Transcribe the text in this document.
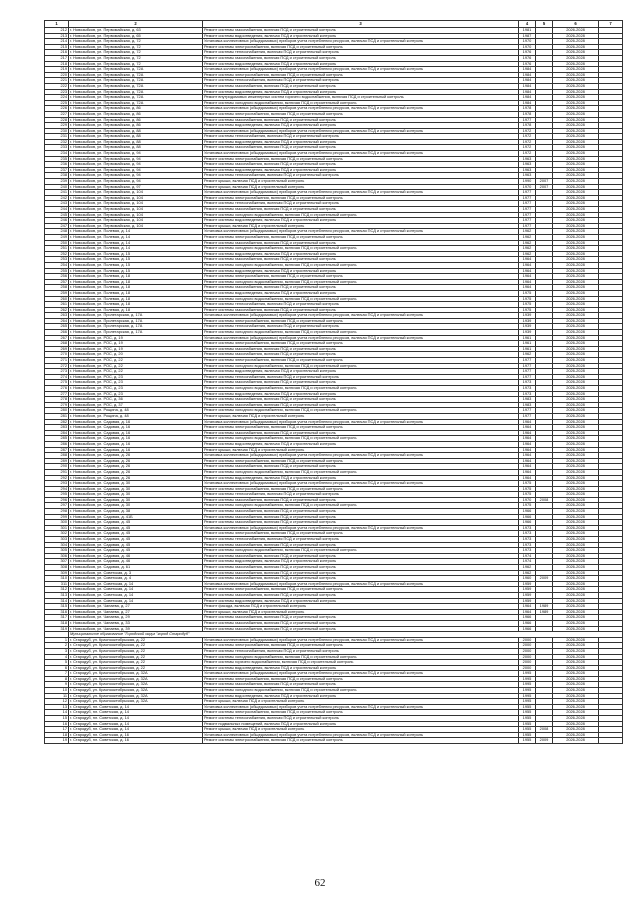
1	2	3	4	5	6	7
212	г. Новозыбков, ул. Первомайская, д. 63	Ремонт системы газоснабжения, включая ПСД и строительный контроль	1981		2026-2028	
213	г. Новозыбков, ул. Первомайская, д. 65	Ремонт системы водоотведения, включая ПСД и строительный контроль	1987		2026-2028	
214	г. Новозыбков, ул. Первомайская, д. 72	Установка коллективных (общедомовых) приборов учета потребления ресурсов, включая ПСД и строительный контроль	1970		2026-2028	
215	г. Новозыбков, ул. Первомайская, д. 72	Ремонт системы электроснабжения, включая ПСД и строительный контроль	1970		2026-2028	
216	г. Новозыбков, ул. Первомайская, д. 72	Ремонт системы теплоснабжения, включая ПСД и строительный контроль	1976		2026-2028	
217	г. Новозыбков, ул. Первомайская, д. 72	Ремонт системы газоснабжения, включая ПСД и строительный контроль	1976		2026-2028	
218	г. Новозыбков, ул. Первомайская, д. 72	Ремонт системы водоотведения, включая ПСД и строительный контроль	1976		2026-2028	
219	г. Новозыбков, ул. Первомайская, д. 72А	Установка коллективных (общедомовых) приборов учета потребления ресурсов, включая ПСД и строительный контроль	1984		2026-2028	
220	г. Новозыбков, ул. Первомайская, д. 72А	Ремонт системы электроснабжения, включая ПСД и строительный контроль	1984		2026-2028	
221	г. Новозыбков, ул. Первомайская, д. 72А	Ремонт системы теплоснабжения, включая ПСД и строительный контроль	1984		2026-2028	
222	г. Новозыбков, ул. Первомайская, д. 72А	Ремонт системы газоснабжения, включая ПСД и строительный контроль	1984		2026-2028	
223	г. Новозыбков, ул. Первомайская, д. 72А	Ремонт системы водоотведения, включая ПСД и строительный контроль	1984		2026-2028	
224	г. Новозыбков, ул. Первомайская, д. 72А	Ремонт внутридомовых инженерных систем горячего водоснабжения, включая ПСД и строительный контроль	1984		2026-2028	
225	г. Новозыбков, ул. Первомайская, д. 72А	Ремонт системы холодного водоснабжения, включая ПСД и строительный контроль	1984		2026-2028	
226	г. Новозыбков, ул. Первомайская, д. 86	Установка коллективных (общедомовых) приборов учета потребления ресурсов, включая ПСД и строительный контроль	1978		2026-2028	
227	г. Новозыбков, ул. Первомайская, д. 86	Ремонт системы электроснабжения, включая ПСД и строительный контроль	1978		2026-2028	
228	г. Новозыбков, ул. Первомайская, д. 86	Ремонт системы газоснабжения, включая ПСД и строительный контроль	1977		2026-2028	
229	г. Новозыбков, ул. Первомайская, д. 86	Ремонт системы водоотведения, включая ПСД и строительный контроль	1978		2026-2028	
230	г. Новозыбков, ул. Первомайская, д. 88	Установка коллективных (общедомовых) приборов учета потребления ресурсов, включая ПСД и строительный контроль	1972		2026-2028	
231	г. Новозыбков, ул. Первомайская, д. 88	Ремонт системы теплоснабжения, включая ПСД и строительный контроль	1972		2026-2028	
232	г. Новозыбков, ул. Первомайская, д. 88	Ремонт системы водоотведения, включая ПСД и строительный контроль	1972		2026-2028	
233	г. Новозыбков, ул. Первомайская, д. 88	Ремонт системы газоснабжения, включая ПСД и строительный контроль	1972		2026-2028	
234	г. Новозыбков, ул. Первомайская, д. 94	Установка коллективных (общедомовых) приборов учета потребления ресурсов, включая ПСД и строительный контроль	1972		2026-2028	
235	г. Новозыбков, ул. Первомайская, д. 94	Ремонт системы электроснабжения, включая ПСД и строительный контроль	1963		2026-2028	
236	г. Новозыбков, ул. Первомайская, д. 94	Ремонт системы газоснабжения, включая ПСД и строительный контроль	1963		2026-2028	
237	г. Новозыбков, ул. Первомайская, д. 94	Ремонт системы водоотведения, включая ПСД и строительный контроль	1963		2026-2028	
238	г. Новозыбков, ул. Первомайская, д. 94	Ремонт системы теплоснабжения, включая ПСД и строительный контроль	1963		2026-2028	
239	г. Новозыбков, ул. Первомайская, д. 94	Ремонт крыши, включая ПСД и строительный контроль	1990	2007	2026-2028	
240	г. Новозыбков, ул. Первомайская, д. 97	Ремонт крыши, включая ПСД и строительный контроль	1970	2007	2026-2028	
241	г. Новозыбков, ул. Первомайская, д. 104	Установка коллективных (общедомовых) приборов учета потребления ресурсов, включая ПСД и строительный контроль	1977		2026-2028	
242	г. Новозыбков, ул. Первомайская, д. 104	Ремонт системы электроснабжения, включая ПСД и строительный контроль	1977		2026-2028	
243	г. Новозыбков, ул. Первомайская, д. 104	Ремонт системы теплоснабжения, включая ПСД и строительный контроль	1977		2026-2028	
244	г. Новозыбков, ул. Первомайская, д. 104	Ремонт системы газоснабжения, включая ПСД и строительный контроль	1977		2026-2028	
245	г. Новозыбков, ул. Первомайская, д. 104	Ремонт системы холодного водоснабжения, включая ПСД и строительный контроль	1977		2026-2028	
246	г. Новозыбков, ул. Первомайская, д. 104	Ремонт системы водоотведения, включая ПСД и строительный контроль	1977		2026-2028	
247	г. Новозыбков, ул. Первомайская, д. 104	Ремонт крыши, включая ПСД и строительный контроль	1977		2026-2028	
248	г. Новозыбков, ул. Полевая, д. 14	Установка коллективных (общедомовых) приборов учета потребления ресурсов, включая ПСД и строительный контроль	1962		2026-2028	
249	г. Новозыбков, ул. Полевая, д. 14	Ремонт системы электроснабжения, включая ПСД и строительный контроль	1962		2026-2028	
250	г. Новозыбков, ул. Полевая, д. 14	Ремонт системы газоснабжения, включая ПСД и строительный контроль	1962		2026-2028	
251	г. Новозыбков, ул. Полевая, д. 14	Ремонт системы холодного водоснабжения, включая ПСД и строительный контроль	1962		2026-2028	
252	г. Новозыбков, ул. Полевая, д. 15	Ремонт системы водоотведения, включая ПСД и строительный контроль	1962		2026-2028	
253	г. Новозыбков, ул. Полевая, д. 15	Ремонт системы газоснабжения, включая ПСД и строительный контроль	1964		2026-2028	
254	г. Новозыбков, ул. Полевая, д. 15	Ремонт системы холодного водоснабжения, включая ПСД и строительный контроль	1964		2026-2028	
255	г. Новозыбков, ул. Полевая, д. 15	Ремонт системы водоотведения, включая ПСД и строительный контроль	1964		2026-2028	
256	г. Новозыбков, ул. Полевая, д. 18	Ремонт системы электроснабжения, включая ПСД и строительный контроль	1964		2026-2028	
257	г. Новозыбков, ул. Полевая, д. 18	Ремонт системы холодного водоснабжения, включая ПСД и строительный контроль	1964		2026-2028	
258	г. Новозыбков, ул. Полевая, д. 18	Ремонт системы газоснабжения, включая ПСД и строительный контроль	1964		2026-2028	
259	г. Новозыбков, ул. Полевая, д. 18	Ремонт системы водоотведения, включая ПСД и строительный контроль	1975		2026-2028	
260	г. Новозыбков, ул. Полевая, д. 18	Ремонт системы холодного водоснабжения, включая ПСД и строительный контроль	1975		2026-2028	
261	г. Новозыбков, ул. Полевая, д. 18	Ремонт системы теплоснабжения, включая ПСД и строительный контроль	1975		2026-2028	
262	г. Новозыбков, ул. Полевая, д. 18	Ремонт системы газоснабжения, включая ПСД и строительный контроль	1975		2026-2028	
263	г. Новозыбков, ул. Пролетарская, д. 17А	Установка коллективных (общедомовых) приборов учета потребления ресурсов, включая ПСД и строительный контроль	1939		2026-2028	
264	г. Новозыбков, ул. Пролетарская, д. 17А	Ремонт системы электроснабжения, включая ПСД и строительный контроль	1939		2026-2028	
265	г. Новозыбков, ул. Пролетарская, д. 17А	Ремонт системы теплоснабжения, включая ПСД и строительный контроль	1939		2026-2028	
266	г. Новозыбков, ул. Пролетарская, д. 17А	Ремонт системы холодного водоснабжения, включая ПСД и строительный контроль	1939		2026-2028	
267	г. Новозыбков, ул. РОС, д. 19	Установка коллективных (общедомовых) приборов учета потребления ресурсов, включая ПСД и строительный контроль	1961		2026-2028	
268	г. Новозыбков, ул. РОС, д. 19	Ремонт системы электроснабжения, включая ПСД и строительный контроль	1961		2026-2028	
269	г. Новозыбков, ул. РОС, д. 19	Ремонт системы газоснабжения, включая ПСД и строительный контроль	1961		2026-2028	
270	г. Новозыбков, ул. РОС, д. 20	Ремонт системы газоснабжения, включая ПСД и строительный контроль	1962		2026-2028	
271	г. Новозыбков, ул. РОС, д. 22	Ремонт системы электроснабжения, включая ПСД и строительный контроль	1977		2026-2028	
272	г. Новозыбков, ул. РОС, д. 22	Ремонт системы холодного водоснабжения, включая ПСД и строительный контроль	1977		2026-2028	
273	г. Новозыбков, ул. РОС, д. 22	Ремонт системы водоотведения, включая ПСД и строительный контроль	1977		2026-2028	
274	г. Новозыбков, ул. РОС, д. 23	Ремонт системы теплоснабжения, включая ПСД и строительный контроль	1977		2026-2028	
275	г. Новозыбков, ул. РОС, д. 23	Ремонт системы газоснабжения, включая ПСД и строительный контроль	1973		2026-2028	
276	г. Новозыбков, ул. РОС, д. 23	Ремонт системы холодного водоснабжения, включая ПСД и строительный контроль	1973		2026-2028	
277	г. Новозыбков, ул. РОС, д. 23	Ремонт системы водоотведения, включая ПСД и строительный контроль	1973		2026-2028	
278	г. Новозыбков, ул. РОС, д. 36	Ремонт системы газоснабжения, включая ПСД и строительный контроль	1983		2026-2028	
279	г. Новозыбков, ул. РОС, д. 37	Ремонт системы газоснабжения, включая ПСД и строительный контроль	1983		2026-2028	
280	г. Новозыбков, ул. Рощина, д. 48	Ремонт системы холодного водоснабжения, включая ПСД и строительный контроль	1977		2026-2028	
281	г. Новозыбков, ул. Рощина, д. 48	Ремонт крыши, включая ПСД и строительный контроль	1977		2026-2028	
282	г. Новозыбков, ул. Садовая, д. 16	Установка коллективных (общедомовых) приборов учета потребления ресурсов, включая ПСД и строительный контроль	1964		2026-2028	
283	г. Новозыбков, ул. Садовая, д. 16	Ремонт системы электроснабжения, включая ПСД и строительный контроль	1964		2026-2028	
284	г. Новозыбков, ул. Садовая, д. 16	Ремонт системы газоснабжения, включая ПСД и строительный контроль	1964		2026-2028	
285	г. Новозыбков, ул. Садовая, д. 16	Ремонт системы холодного водоснабжения, включая ПСД и строительный контроль	1964		2026-2028	
286	г. Новозыбков, ул. Садовая, д. 16	Ремонт системы водоотведения, включая ПСД и строительный контроль	1964		2026-2028	
287	г. Новозыбков, ул. Садовая, д. 16	Ремонт крыши, включая ПСД и строительный контроль	1964		2026-2028	
288	г. Новозыбков, ул. Садовая, д. 26	Установка коллективных (общедомовых) приборов учета потребления ресурсов, включая ПСД и строительный контроль	1964		2026-2028	
289	г. Новозыбков, ул. Садовая, д. 26	Ремонт системы электроснабжения, включая ПСД и строительный контроль	1964		2026-2028	
290	г. Новозыбков, ул. Садовая, д. 26	Ремонт системы газоснабжения, включая ПСД и строительный контроль	1964		2026-2028	
291	г. Новозыбков, ул. Садовая, д. 26	Ремонт системы холодного водоснабжения, включая ПСД и строительный контроль	1964		2026-2028	
292	г. Новозыбков, ул. Садовая, д. 26	Ремонт системы водоотведения, включая ПСД и строительный контроль	1964		2026-2028	
293	г. Новозыбков, ул. Садовая, д. 30	Установка коллективных (общедомовых) приборов учета потребления ресурсов, включая ПСД и строительный контроль	1975		2026-2028	
294	г. Новозыбков, ул. Садовая, д. 30	Ремонт системы электроснабжения, включая ПСД и строительный контроль	1975		2026-2028	
295	г. Новозыбков, ул. Садовая, д. 30	Ремонт системы теплоснабжения, включая ПСД и строительный контроль	1975		2026-2028	
296	г. Новозыбков, ул. Садовая, д. 30	Ремонт системы газоснабжения, включая ПСД и строительный контроль	1970	2008	2026-2028	
297	г. Новозыбков, ул. Садовая, д. 30	Ремонт системы холодного водоснабжения, включая ПСД и строительный контроль	1975		2026-2028	
298	г. Новозыбков, ул. Садовая, д. 38	Ремонт системы газоснабжения, включая ПСД и строительный контроль	1966		2026-2028	
299	г. Новозыбков, ул. Садовая, д. 41Б	Ремонт системы газоснабжения, включая ПСД и строительный контроль	1966		2026-2028	
300	г. Новозыбков, ул. Садовая, д. 45	Ремонт системы газоснабжения, включая ПСД и строительный контроль	1966		2026-2028	
301	г. Новозыбков, ул. Садовая, д. 45	Установка коллективных (общедомовых) приборов учета потребления ресурсов, включая ПСД и строительный контроль	1973		2026-2028	
302	г. Новозыбков, ул. Садовая, д. 45	Ремонт системы электроснабжения, включая ПСД и строительный контроль	1973		2026-2028	
303	г. Новозыбков, ул. Садовая, д. 45	Ремонт системы теплоснабжения, включая ПСД и строительный контроль	1973		2026-2028	
304	г. Новозыбков, ул. Садовая, д. 45	Ремонт системы газоснабжения, включая ПСД и строительный контроль	1973		2026-2028	
305	г. Новозыбков, ул. Садовая, д. 45	Ремонт системы холодного водоснабжения, включая ПСД и строительный контроль	1973		2026-2028	
306	г. Новозыбков, ул. Садовая, д. 46	Ремонт системы газоснабжения, включая ПСД и строительный контроль	1974		2026-2028	
307	г. Новозыбков, ул. Садовая, д. 46	Ремонт системы водоотведения, включая ПСД и строительный контроль	1974		2026-2028	
308	г. Новозыбков, ул. Садовая, д. 61	Ремонт системы газоснабжения, включая ПСД и строительный контроль	1962		2026-2028	
309	г. Новозыбков, ул. Советская, д. 3	Ремонт системы газоснабжения, включая ПСД и строительный контроль	1962		2026-2028	
310	г. Новозыбков, ул. Советская, д. 4	Ремонт системы газоснабжения, включая ПСД и строительный контроль	1960	2009	2026-2028	
311	г. Новозыбков, ул. Советская, д. 14	Установка коллективных (общедомовых) приборов учета потребления ресурсов, включая ПСД и строительный контроль	1959		2026-2028	
312	г. Новозыбков, ул. Советская, д. 14	Ремонт системы электроснабжения, включая ПСД и строительный контроль	1959		2026-2028	
313	г. Новозыбков, ул. Советская, д. 14	Ремонт системы газоснабжения, включая ПСД и строительный контроль	1959		2026-2028	
314	г. Новозыбков, ул. Советская, д. 14	Ремонт системы водоотведения, включая ПСД и строительный контроль	1959		2026-2028	
315	г. Новозыбков, ул. Чапаева, д. 27	Ремонт фасада, включая ПСД и строительный контроль	1964	1989	2026-2028	
316	г. Новозыбков, ул. Чапаева, д. 27	Ремонт крыши, включая ПСД и строительный контроль	1964	1989	2026-2028	
317	г. Новозыбков, ул. Чапаева, д. 29	Ремонт системы газоснабжения, включая ПСД и строительный контроль	1966		2026-2028	
318	г. Новозыбков, ул. Чапаева, д. 33	Ремонт системы газоснабжения, включая ПСД и строительный контроль	1966		2026-2028	
319	г. Новозыбков, ул. Чапаева, д. 39	Ремонт системы газоснабжения, включая ПСД и строительный контроль	1966		2026-2028	
	Муниципальное образование "Городской округ "город Стародуб"					
1	г. Стародуб, ул. Краснооктябрьская, д. 22	Установка коллективных (общедомовых) приборов учета потребления ресурсов, включая ПСД и строительный контроль	2000		2026-2028	
2	г. Стародуб, ул. Краснооктябрьская, д. 22	Ремонт системы электроснабжения, включая ПСД и строительный контроль	2000		2026-2028	
3	г. Стародуб, ул. Краснооктябрьская, д. 22	Ремонт системы теплоснабжения, включая ПСД и строительный контроль	2000		2026-2028	
4	г. Стародуб, ул. Краснооктябрьская, д. 22	Ремонт системы холодного водоснабжения, включая ПСД и строительный контроль	2000		2026-2028	
5	г. Стародуб, ул. Краснооктябрьская, д. 22	Ремонт системы горячего водоснабжения, включая ПСД и строительный контроль	2000		2026-2028	
6	г. Стародуб, ул. Краснооктябрьская, д. 22	Ремонт системы водоотведения, включая ПСД и строительный контроль	2000		2026-2028	
7	г. Стародуб, ул. Краснооктябрьская, д. 32А	Установка коллективных (общедомовых) приборов учета потребления ресурсов, включая ПСД и строительный контроль	1995		2026-2028	
8	г. Стародуб, ул. Краснооктябрьская, д. 32А	Ремонт системы электроснабжения, включая ПСД и строительный контроль	1995		2026-2028	
9	г. Стародуб, ул. Краснооктябрьская, д. 32А	Ремонт системы газоснабжения, включая ПСД и строительный контроль	1995		2026-2028	
10	г. Стародуб, ул. Краснооктябрьская, д. 32А	Ремонт системы холодного водоснабжения, включая ПСД и строительный контроль	1995		2026-2028	
11	г. Стародуб, ул. Краснооктябрьская, д. 32А	Ремонт системы водоотведения, включая ПСД и строительный контроль	1995		2026-2028	
12	г. Стародуб, ул. Краснооктябрьская, д. 32А	Ремонт крыши, включая ПСД и строительный контроль	1995		2026-2028	
13	г. Стародуб, пл. Советская, д. 14	Установка коллективных (общедомовых) приборов учета потребления ресурсов, включая ПСД и строительный контроль	1955		2026-2028	
14	г. Стародуб, пл. Советская, д. 14	Ремонт системы электроснабжения, включая ПСД и строительный контроль	1955		2026-2028	
15	г. Стародуб, пл. Советская, д. 14	Ремонт системы теплоснабжения, включая ПСД и строительный контроль	1955		2026-2028	
16	г. Стародуб, пл. Советская, д. 14	Ремонт подвальных помещений, включая ПСД и строительный контроль	1955		2026-2028	
17	г. Стародуб, пл. Советская, д. 14	Ремонт крыши, включая ПСД и строительный контроль	1955	2008	2026-2028	
18	г. Стародуб, пл. Советская, д. 16	Установка коллективных (общедомовых) приборов учета потребления ресурсов, включая ПСД и строительный контроль	1955		2026-2028	
19	г. Стародуб, пл. Советская, д. 16	Ремонт системы электроснабжения, включая ПСД и строительный контроль	1955	2009	2026-2028	
62
